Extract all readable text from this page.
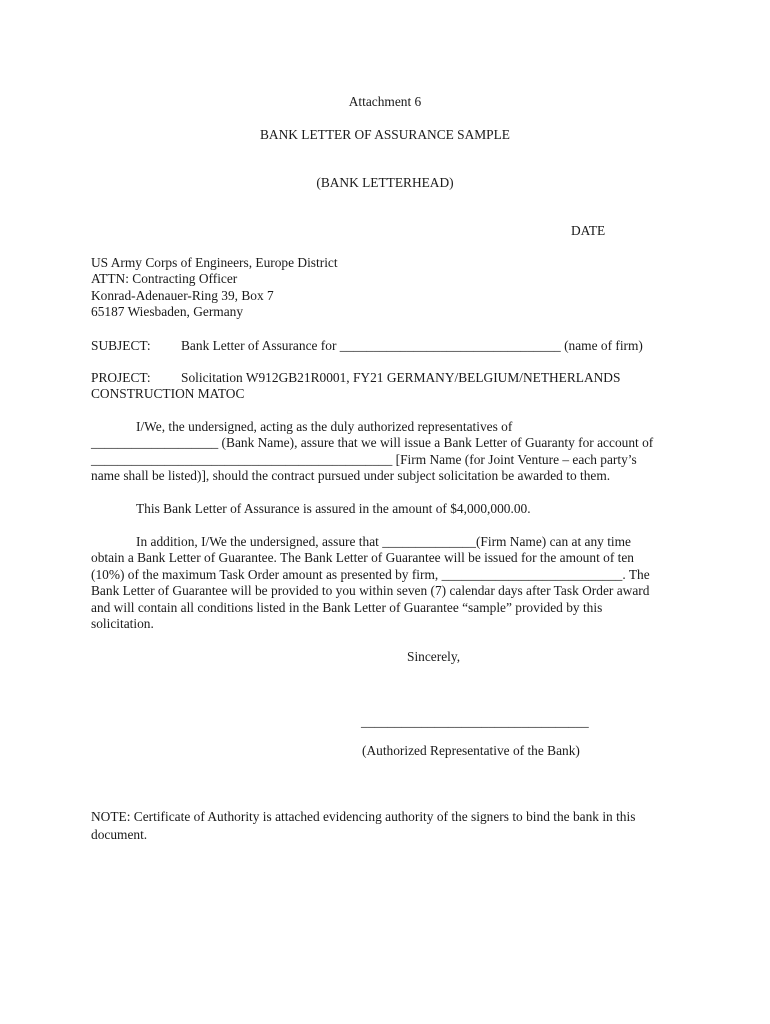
Attachment 6
BANK LETTER OF ASSURANCE SAMPLE
(BANK LETTERHEAD)
DATE
US Army Corps of Engineers, Europe District
ATTN: Contracting Officer
Konrad-Adenauer-Ring 39, Box 7
65187 Wiesbaden, Germany
SUBJECT: Bank Letter of Assurance for _________________________________ (name of firm)
PROJECT: Solicitation W912GB21R0001, FY21 GERMANY/BELGIUM/NETHERLANDS
CONSTRUCTION MATOC
I/We, the undersigned, acting as the duly authorized representatives of
___________________ (Bank Name), assure that we will issue a Bank Letter of Guaranty for account of
_____________________________________________ [Firm Name (for Joint Venture – each party’s
name shall be listed)], should the contract pursued under subject solicitation be awarded to them.
This Bank Letter of Assurance is assured in the amount of $4,000,000.00.
In addition, I/We the undersigned, assure that ______________(Firm Name) can at any time
obtain a Bank Letter of Guarantee. The Bank Letter of Guarantee will be issued for the amount of ten
(10%) of the maximum Task Order amount as presented by firm, ___________________________. The
Bank Letter of Guarantee will be provided to you within seven (7) calendar days after Task Order award
and will contain all conditions listed in the Bank Letter of Guarantee “sample” provided by this
solicitation.
Sincerely,
__________________________________
(Authorized Representative of the Bank)
NOTE: Certificate of Authority is attached evidencing authority of the signers to bind the bank in this
document.
